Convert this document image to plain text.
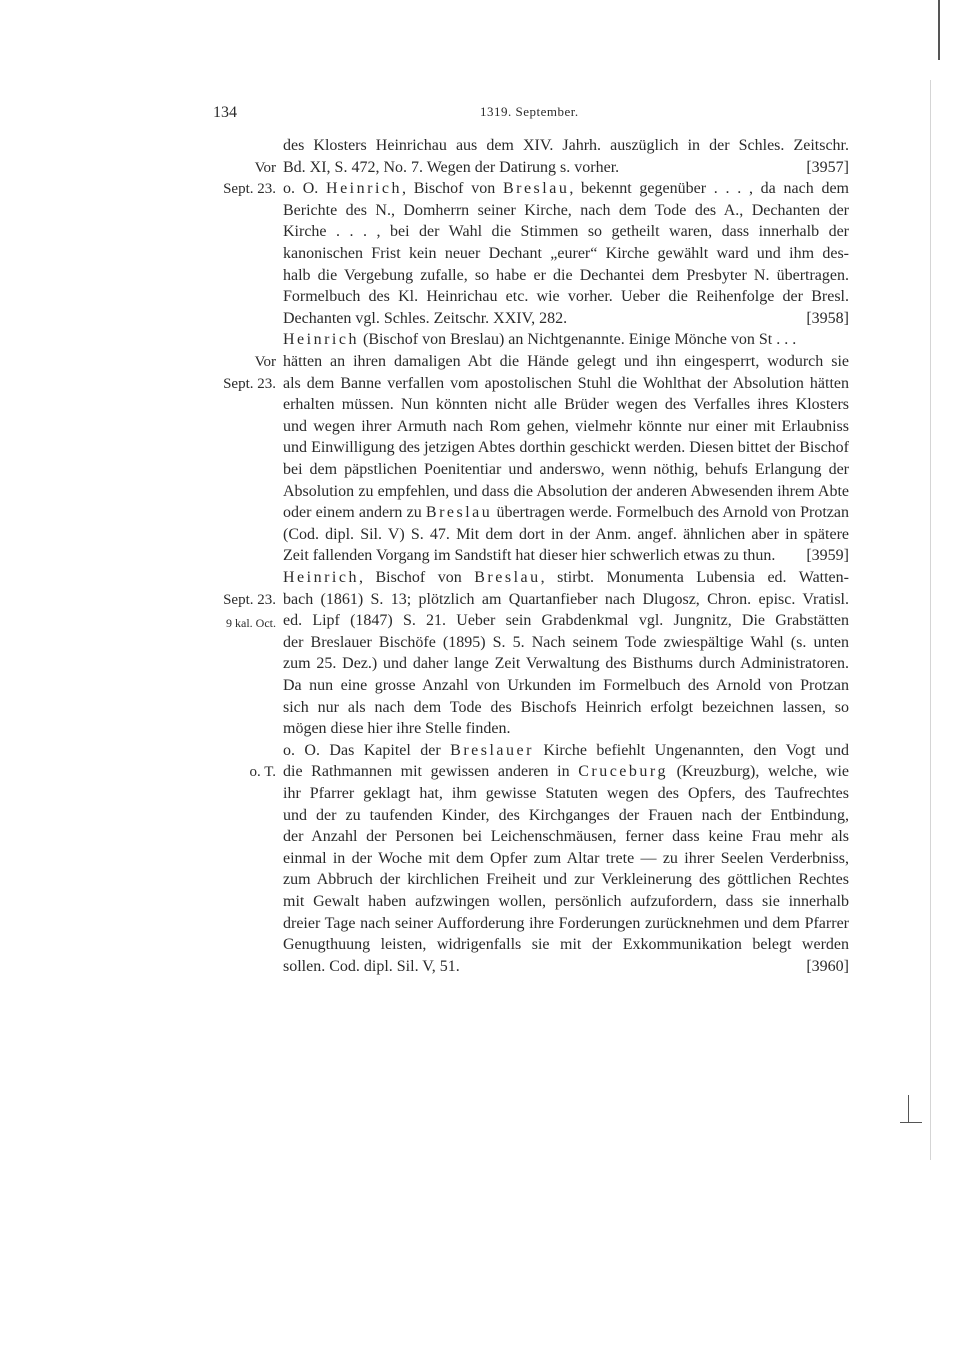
134	1319. September.
des Klosters Heinrichau aus dem XIV. Jahrh. auszüglich in der Schles. Zeitschr.
Bd. XI, S. 472, No. 7. Wegen der Datirung s. vorher.
o. O. Heinrich, Bischof von Breslau, bekennt gegenüber . . . , da nach dem
Berichte des N., Domherrn seiner Kirche, nach dem Tode des A., Dechanten der
Kirche . . . , bei der Wahl die Stimmen so getheilt waren, dass innerhalb der
kanonischen Frist kein neuer Dechant „eurer“ Kirche gewählt ward und ihm des-
halb die Vergebung zufalle, so habe er die Dechantei dem Presbyter N. übertragen.
Formelbuch des Kl. Heinrichau etc. wie vorher. Ueber die Reihenfolge der Bresl.
Dechanten vgl. Schles. Zeitschr. XXIV, 282.
Heinrich (Bischof von Breslau) an Nichtgenannte. Einige Mönche von St . . .
hätten an ihren damaligen Abt die Hände gelegt und ihn eingesperrt, wodurch sie
als dem Banne verfallen vom apostolischen Stuhl die Wohlthat der Absolution hätten
erhalten müssen. Nun könnten nicht alle Brüder wegen des Verfalles ihres Klosters
und wegen ihrer Armuth nach Rom gehen, vielmehr könnte nur einer mit Erlaubniss
und Einwilligung des jetzigen Abtes dorthin geschickt werden. Diesen bittet der Bischof
bei dem päpstlichen Poenitentiar und anderswo, wenn nöthig, behufs Erlangung der
Absolution zu empfehlen, und dass die Absolution der anderen Abwesenden ihrem Abte
oder einem andern zu Breslau übertragen werde. Formelbuch des Arnold von Protzan
(Cod. dipl. Sil. V) S. 47. Mit dem dort in der Anm. angef. ähnlichen aber in spätere
Zeit fallenden Vorgang im Sandstift hat dieser hier schwerlich etwas zu thun.
Heinrich, Bischof von Breslau, stirbt. Monumenta Lubensia ed. Watten-
bach (1861) S. 13; plötzlich am Quartanfieber nach Dlugosz, Chron. episc. Vratisl.
ed. Lipf (1847) S. 21. Ueber sein Grabdenkmal vgl. Jungnitz, Die Grabstätten
der Breslauer Bischöfe (1895) S. 5. Nach seinem Tode zwiespältige Wahl (s. unten
zum 25. Dez.) und daher lange Zeit Verwaltung des Bisthums durch Administratoren.
Da nun eine grosse Anzahl von Urkunden im Formelbuch des Arnold von Protzan
sich nur als nach dem Tode des Bischofs Heinrich erfolgt bezeichnen lassen, so
mögen diese hier ihre Stelle finden.
o. O. Das Kapitel der Breslauer Kirche befiehlt Ungenannten, den Vogt und
die Rathmannen mit gewissen anderen in Cruceburg (Kreuzburg), welche, wie
ihr Pfarrer geklagt hat, ihm gewisse Statuten wegen des Opfers, des Taufrechtes
und der zu taufenden Kinder, des Kirchganges der Frauen nach der Entbindung,
der Anzahl der Personen bei Leichenschmäusen, ferner dass keine Frau mehr als
einmal in der Woche mit dem Opfer zum Altar trete — zu ihrer Seelen Verderbniss,
zum Abbruch der kirchlichen Freiheit und zur Verkleinerung des göttlichen Rechtes
mit Gewalt haben aufzwingen wollen, persönlich aufzufordern, dass sie innerhalb
dreier Tage nach seiner Aufforderung ihre Forderungen zurücknehmen und dem Pfarrer
Genugthuung leisten, widrigenfalls sie mit der Exkommunikation belegt werden
sollen. Cod. dipl. Sil. V, 51.
Vor
Sept. 23.
Vor
Sept. 23.
Sept. 23.
9 kal. Oct.
o. T.
[3957]
[3958]
[3959]
[3960]
